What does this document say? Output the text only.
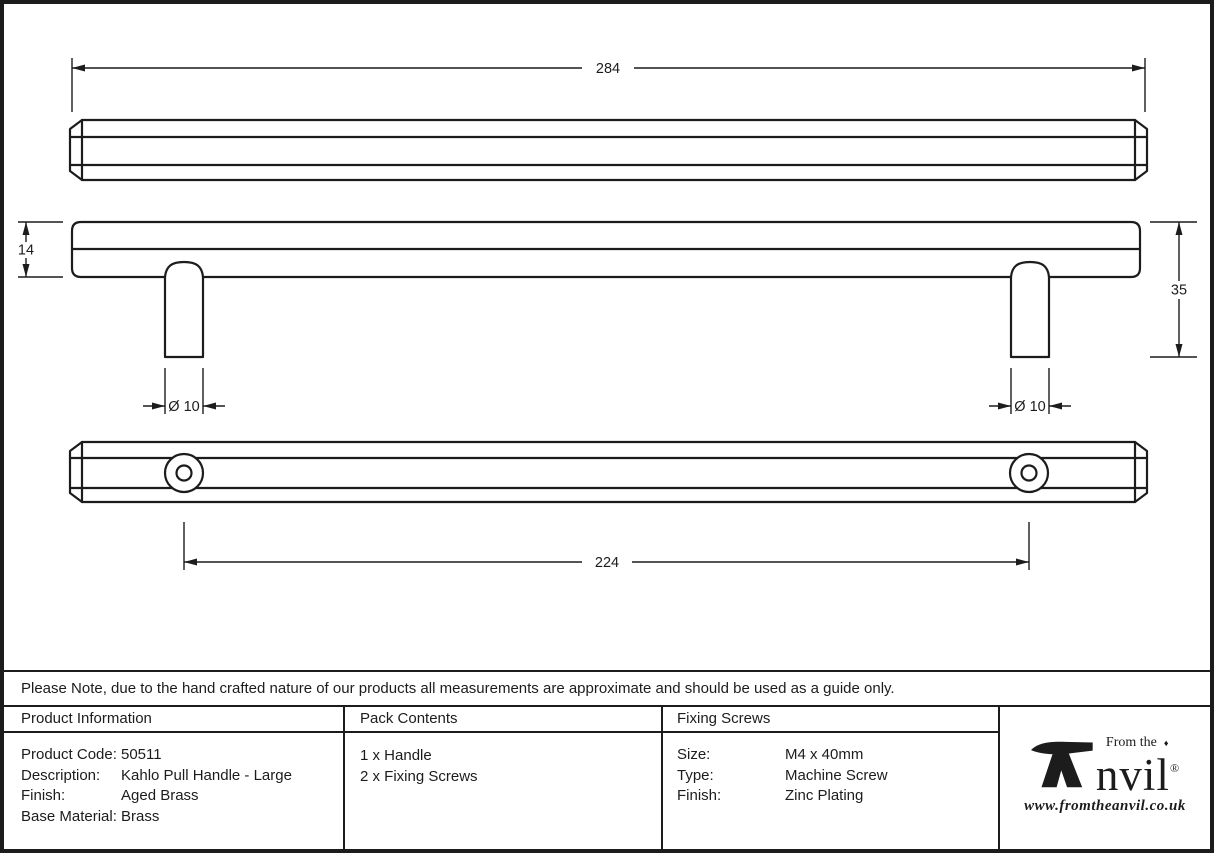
284
14
35
Ø 10	Ø 10
224
Please Note, due to the hand crafted nature of our products all measurements are approximate and should be used as a guide only.
Product Information
Product Code: 50511
Description:	Kahlo Pull Handle - Large
Finish:	Aged Brass
Base Material: Brass
Pack Contents
1 x Handle
2 x Fixing Screws
Fixing Screws
Size:	M4 x 40mm
Type:	Machine Screw
Finish:	Zinc Plating
From the ♦
nvil®
www.fromtheanvil.co.uk
